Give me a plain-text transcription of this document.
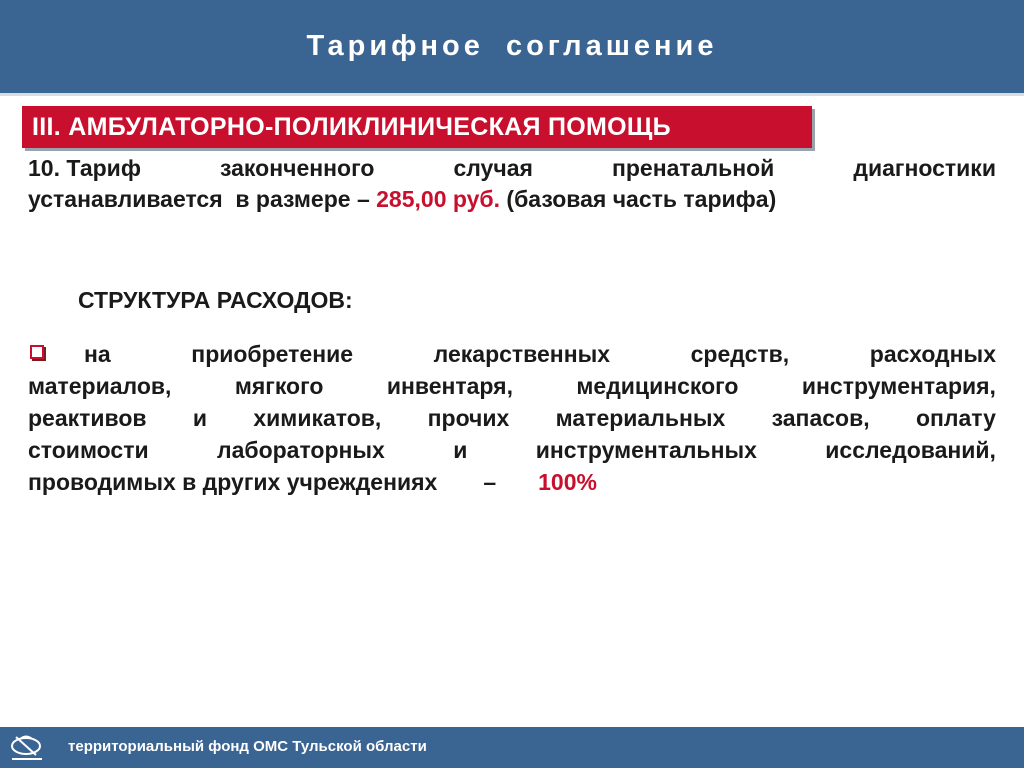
Тарифное соглашение
III. АМБУЛАТОРНО-ПОЛИКЛИНИЧЕСКАЯ ПОМОЩЬ
10. Тариф	законченного	случая	пренатальной	диагностики
устанавливается  в размере – 285,00 руб. (базовая часть тарифа)
СТРУКТУРА РАСХОДОВ:
на	приобретение	лекарственных	средств,	расходных
материалов,	мягкого	инвентаря,	медицинского	инструментария,
реактивов и химикатов, прочих материальных запасов, оплату
стоимости	лабораторных	и	инструментальных	исследований,
проводимых в других учреждениях – 100%
территориальный фонд ОМС Тульской области
